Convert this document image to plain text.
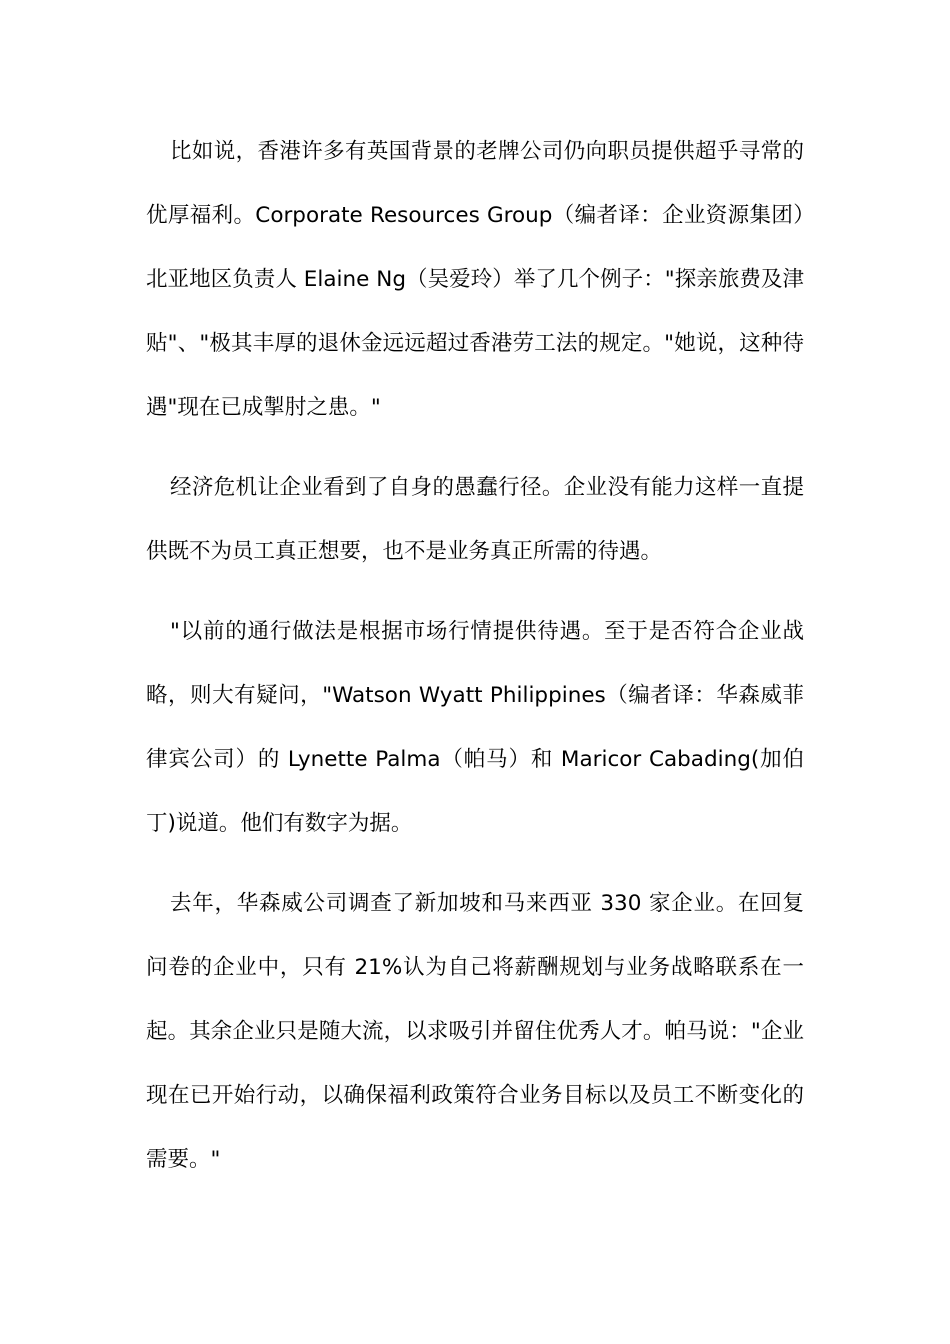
比如说，香港许多有英国背景的老牌公司仍向职员提供超乎寻常的优厚福利。Corporate Resources Group（编者译：企业资源集团）北亚地区负责人 Elaine Ng（吴爱玲）举了几个例子："探亲旅费及津贴"、"极其丰厚的退休金远远超过香港劳工法的规定。"她说，这种待遇"现在已成掣肘之患。"

经济危机让企业看到了自身的愚蠢行径。企业没有能力这样一直提供既不为员工真正想要，也不是业务真正所需的待遇。

"以前的通行做法是根据市场行情提供待遇。至于是否符合企业战略，则大有疑问，"Watson Wyatt Philippines（编者译：华森威菲律宾公司）的 Lynette Palma（帕马）和 Maricor Cabading(加伯丁)说道。他们有数字为据。

去年，华森威公司调查了新加坡和马来西亚 330 家企业。在回复问卷的企业中，只有 21%认为自己将薪酬规划与业务战略联系在一起。其余企业只是随大流，以求吸引并留住优秀人才。帕马说："企业现在已开始行动，以确保福利政策符合业务目标以及员工不断变化的需要。"
